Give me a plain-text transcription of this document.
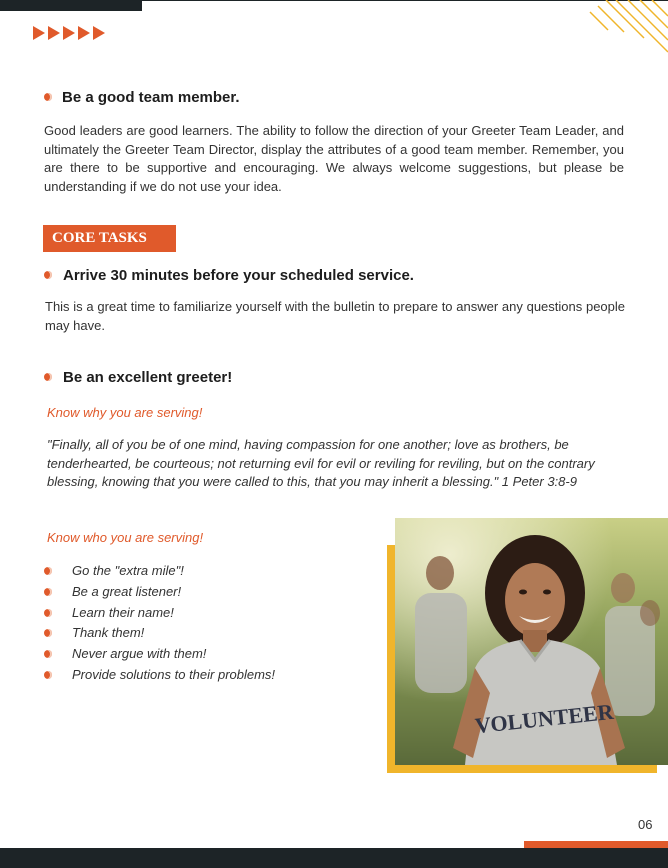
Be a good team member.
Good leaders are good learners. The ability to follow the direction of your Greeter Team Leader, and ultimately the Greeter Team Director, display the attributes of a good team member. Remember, you are there to be supportive and encouraging. We always welcome suggestions, but please be understanding if we do not use your idea.
CORE TASKS
Arrive 30 minutes before your scheduled service.
This is a great time to familiarize yourself with the bulletin to prepare to answer any questions people may have.
Be an excellent greeter!
Know why you are serving!
"Finally, all of you be of one mind, having compassion for one another; love as brothers, be tenderhearted, be courteous; not returning evil for evil or reviling for reviling, but on the contrary blessing, knowing that you were called to this, that you may inherit a blessing." 1 Peter 3:8-9
Know who you are serving!
Go the "extra mile"!
Be a great listener!
Learn their name!
Thank them!
Never argue with them!
Provide solutions to their problems!
VOLUNTEER
06
